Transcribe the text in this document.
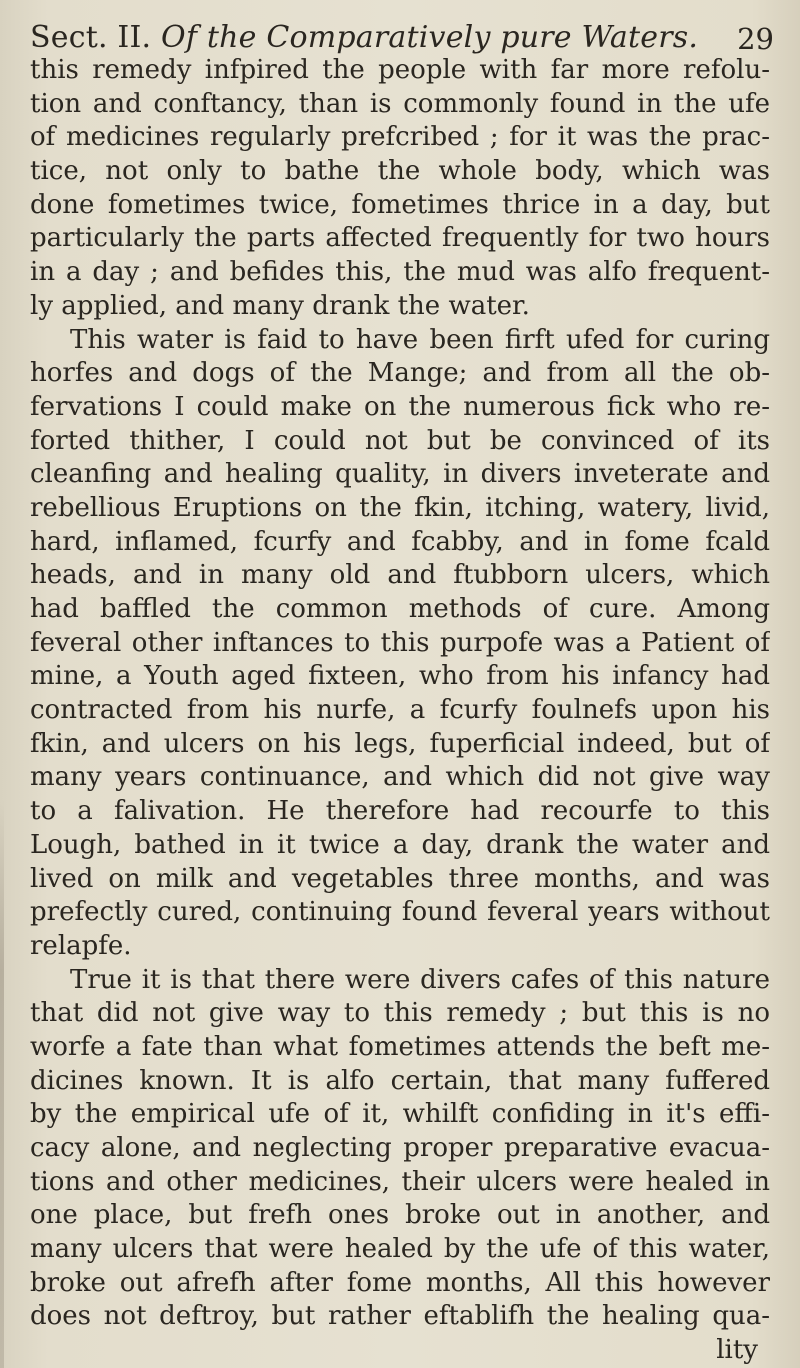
Sect. II. Of the Comparatively pure Waters. 29
this remedy infpired the people with far more refolu-
tion and conftancy, than is commonly found in the ufe
of medicines regularly prefcribed ; for it was the prac-
tice, not only to bathe the whole body, which was
done fometimes twice, fometimes thrice in a day, but
particularly the parts affected frequently for two hours
in a day ; and befides this, the mud was alfo frequent-
ly applied, and many drank the water.
This water is faid to have been firft ufed for curing
horfes and dogs of the Mange; and from all the ob-
fervations I could make on the numerous fick who re-
forted thither, I could not but be convinced of its
cleanfing and healing quality, in divers inveterate and
rebellious Eruptions on the fkin, itching, watery, livid,
hard, inflamed, fcurfy and fcabby, and in fome fcald
heads, and in many old and ftubborn ulcers, which
had baffled the common methods of cure. Among
feveral other inftances to this purpofe was a Patient of
mine, a Youth aged fixteen, who from his infancy had
contracted from his nurfe, a fcurfy foulnefs upon his
fkin, and ulcers on his legs, fuperficial indeed, but of
many years continuance, and which did not give way
to a falivation. He therefore had recourfe to this
Lough, bathed in it twice a day, drank the water and
lived on milk and vegetables three months, and was
prefectly cured, continuing found feveral years without
relapfe.
True it is that there were divers cafes of this nature
that did not give way to this remedy ; but this is no
worfe a fate than what fometimes attends the beft me-
dicines known. It is alfo certain, that many fuffered
by the empirical ufe of it, whilft confiding in it's effi-
cacy alone, and neglecting proper preparative evacua-
tions and other medicines, their ulcers were healed in
one place, but frefh ones broke out in another, and
many ulcers that were healed by the ufe of this water,
broke out afrefh after fome months, All this however
does not deftroy, but rather eftablifh the healing qua-
lity
